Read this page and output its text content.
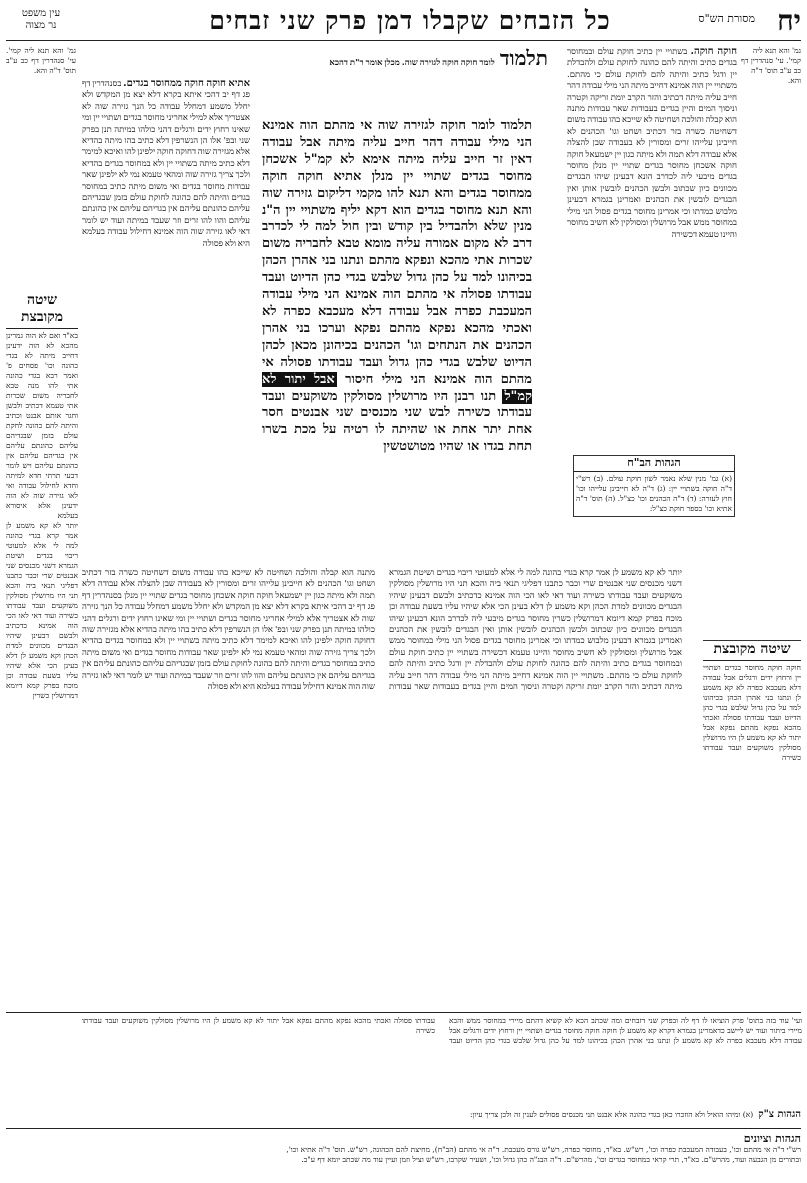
יח
מסורת הש"ס
כל הזבחים שקבלו דמן פרק שני זבחים
עין משפט
נר מצוה
גמ' והא תנא ליה קמי'. עי' סנהדרין דף כב ע"ב תוס' ד"ה והא.
חוקה חוקה. בשתויי יין כתיב חוקת עולם ובמחוסר בגדים כתיב והיתה להם כהונה לחוקת עולם ולהבדלת יין ודגל כתיב והיתה להם לחוקת עולם כי מהתם. משתויי יין הוה אמינא דחייב מיתה הני מילי עבודה דהר חייב עליה מיתה דכתיב והזר הקרב יומת זריקה וקטרה וניסוך המים והיין בגדים בעבודות שאר עבודות מתנה הוא קבלה והולכה ושחיטה לא שייכא בהו עבודה משום דשחיטה כשרה בזר דכתיב ושחט וגו' הכהנים לא חייבינן עלייהו זרים ומסורין לא בעבודה שבן להצלה אלא עבודה דלא תמה ולא מיתה כגון יין ישמעאל חוקה חוקה אשכחן מחוסר בגדים שתויי יין מנלן מחוסר בגדים מיבעי ליה לכדרב הונא דבעינן שיהו הבגדים מכוונים כיון שכתוב ולבשן הכהנים לובשין אותן ואין הבגדים לובשין את הכהנים ואמרינן בגמרא דבעינן מלבוש כמדתו וכי אמרינן מחוסר בגדים פסול הני מילי במחוסר ממש אבל מרושלין ומסולקין לא חשיב מחוסר והיינו טעמא דכשירה
הגהות הב"ח
(א) גמ' מנין שלא נאמר לשון חוקת עולם. (ב) רש"י ד"ה חוקה בשתויי יין: (ג) ד"ה לא חייבינן עלייהו וכו' חוץ לעזרה: (ד) ד"ה הכהנים וכו' כצ"ל. (ה) תוס' ד"ה אתיא וכו' בספר חוקת כצ"ל:
תלמוד לומר חוקה חוקה לגזירה שוה. מכלן אומר ר"ת דהכא
תלמוד לומר חוקה לגזירה שוה אי מהתם הוה אמינא הני מילי עבודה דהר חייב עליה מיתה אבל עבודה דאין זר חייב עליה מיתה אימא לא קמ"ל אשכחן מחוסר בגדים שתויי יין מנלן אתיא חוקה חוקה ממחוסר בגדים והא תנא להו מקמי דליקום גזירה שוה והא תנא מחוסר בגדים הוא דקא יליף משתויי יין ה"נ מנין שלא ולהבדיל בין קודש ובין חול למה לי לכדרב דרב לא מקום אמורה עליה מומא טבא לחבריה משום שכרות אתי מהכא ונפקא מהתם ונתנו בני אהרן הכהן בכיהונו למד על כהן גדול שלבש בגדי כהן הדיוט ועבד עבודתו פסולה אי מהתם הוה אמינא הני מילי עבודה המעכבת כפרה אבל עבודה דלא מעכבא כפרה לא ואכתי מהכא נפקא מהתם נפקא וערכו בני אהרן הכהנים את הנתחים וגו' הכהנים בכיהונן מכאן לכהן הדיוט שלבש בגדי כהן גדול ועבד עבודתו פסולה אי מהתם הוה אמינא הני מילי חיסור אבל יתור לא קמ"ל תנו רבנן היו מרושלין מסולקין משוקעים ועבד עבודתו כשירה לבש שני מכנסים שני אבנטים חסר אחת יתר אחת או שהיתה לו רטיה על מכת בשרו תחת בגדו או שהיו מטושטשין
אתיא חוקה חוקה ממחוסר בגדים. בסנהדרין דף פג דף יב דהכי איתא בקרא דלא יצא מן המקדש ולא יחלל משמע דמחלל עבודה כל הנך גזירה שוה לא אצטריך אלא למילי אחריני מחוסר בגדים ושתויי יין ומי שאינו רחוץ ידים ורגלים דהני כולהו במיתה תנן בפרק שני ובפ' אלו הן הנשרפין דלא כתיב בהו מיתה בהדיא אלא מגזירה שוה דחוקה חוקה ילפינן להו ואיכא למימר דלא כתיב מיתה בשתויי יין ולא במחוסר בגדים בהדיא ולכך צריך גזירה שוה ומהאי טעמא נמי לא ילפינן שאר עבודות מחוסר בגדים ואי משום מיתה כתיב במחוסר בגדים והיתה להם כהונה לחוקת עולם בזמן שבגדיהם עליהם כהונתם עליהם אין בגדיהם עליהם אין כהונתם עליהם והוו להו זרים וזר שעבד במיתה ועוד יש לומר דאי לאו גזירה שוה הוה אמינא דחילול עבודה בעלמא היא ולא פסולה
גמ' והא תנא ליה קמי'. עי' סנהדרין דף כב ע"ב תוס' ד"ה והא.
שיטה מקובצת
בא"ד ואם לא הוה גמרינן מהכא לא הוה ידעינן דחייב מיתה לא בגדי כהונה וכו' פסחים פ' ואמר רבא בגדי כהונה אתי להו מנה טבא לחבריה משום שכרות אתי טעמא דכתיב ולבשן וחגר אותם אבנט וכתיב והיתה להם כהונה לחקת עולם בזמן שבגדיהם עליהם כהונתם עליהם אין בגדיהם עליהם אין כהונתם עליהם ויש לומר דבעי תרתי חדא למיתה וחדא לחילול עבודה ואי לאו גזירה שוה לא הוה ידעינן אלא איסורא בעלמא
יותר לא קא משמע לן אמר קרא בגדי כהונה למה לי אלא למעוטי ריבוי בגדים ושיטת הגמרא דשני מכנסים שני אבנטים שרי וכבר כתבנו דפליגי תנאי ביה והכא תני היו מרושלין מסולקין משוקעים ועבד עבודתו כשירה ועוד דאי לאו הכי הוה אמינא כדכתיב ולבשם דבעינן שיהיו הבגדים מכוונים למדת הכהן וקא משמע לן דלא בעינן הכי אלא שיהיו עליו בשעת עבודה וכן מוכח בפרק קמא דיומא דמרושלין כשרין
שיטה מקובצת
חוקה חוקה מחוסר בגדים ושתויי יין ורחוץ ידים ורגלים אבל עבודה דלא מעכבא כפרה לא קא משמע לן ונתנו בני אהרן הכהן בכיהונו למד על כהן גדול שלבש בגדי כהן הדיוט ועבד עבודתו פסולה ואכתי מהכא נפקא מהתם נפקא אבל יתור לא קא משמע לן היו מרושלין מסולקין משוקעים ועבד עבודתו כשירה
יותר לא קא משמע לן אמר קרא בגדי כהונה למה לי אלא למעוטי ריבוי בגדים ושיטת הגמרא דשני מכנסים שני אבנטים שרי וכבר כתבנו דפליגי תנאי ביה והכא תני היו מרושלין מסולקין משוקעים ועבד עבודתו כשירה ועוד דאי לאו הכי הוה אמינא כדכתיב ולבשם דבעינן שיהיו הבגדים מכוונים למדת הכהן וקא משמע לן דלא בעינן הכי אלא שיהיו עליו בשעת עבודה וכן מוכח בפרק קמא דיומא דמרושלין כשרין מחוסר בגדים מיבעי ליה לכדרב הונא דבעינן שיהו הבגדים מכוונים כיון שכתוב ולבשן הכהנים לובשין אותן ואין הבגדים לובשין את הכהנים ואמרינן בגמרא דבעינן מלבוש כמדתו וכי אמרינן מחוסר בגדים פסול הני מילי במחוסר ממש אבל מרושלין ומסולקין לא חשיב מחוסר והיינו טעמא דכשירה בשתויי יין כתיב חוקת עולם ובמחוסר בגדים כתיב והיתה להם כהונה לחוקת עולם ולהבדלת יין ודגל כתיב והיתה להם לחוקת עולם כי מהתם. משתויי יין הוה אמינא דחייב מיתה הני מילי עבודה דהר חייב עליה מיתה דכתיב והזר הקרב יומת זריקה וקטרה וניסוך המים והיין בגדים בעבודות שאר עבודות מתנה הוא קבלה והולכה ושחיטה לא שייכא בהו עבודה משום דשחיטה כשרה בזר דכתיב ושחט וגו' הכהנים לא חייבינן עלייהו זרים ומסורין לא בעבודה שבן להצלה אלא עבודה דלא תמה ולא מיתה כגון יין ישמעאל חוקה חוקה אשכחן מחוסר בגדים שתויי יין מנלן בסנהדרין דף פג דף יב דהכי איתא בקרא דלא יצא מן המקדש ולא יחלל משמע דמחלל עבודה כל הנך גזירה שוה לא אצטריך אלא למילי אחריני מחוסר בגדים ושתויי יין ומי שאינו רחוץ ידים ורגלים דהני כולהו במיתה תנן בפרק שני ובפ' אלו הן הנשרפין דלא כתיב בהו מיתה בהדיא אלא מגזירה שוה דחוקה חוקה ילפינן להו ואיכא למימר דלא כתיב מיתה בשתויי יין ולא במחוסר בגדים בהדיא ולכך צריך גזירה שוה ומהאי טעמא נמי לא ילפינן שאר עבודות מחוסר בגדים ואי משום מיתה כתיב במחוסר בגדים והיתה להם כהונה לחוקת עולם בזמן שבגדיהם עליהם כהונתם עליהם אין בגדיהם עליהם אין כהונתם עליהם והוו להו זרים וזר שעבד במיתה ועוד יש לומר דאי לאו גזירה שוה הוה אמינא דחילול עבודה בעלמא היא ולא פסולה
ועי' עוד בזה בתוס' פרק הוציאו לו דף לה ובפרק שני דזבחים ומה שכתב הכא לא קשיא דהתם מיירי במחוסר ממש והכא מיירי ביתור ועוד יש ליישב כדאמרינן בגמרא דקרא קא משמע לן חוקה חוקה מחוסר בגדים ושתויי יין ורחוץ ידים ורגלים אבל עבודה דלא מעכבא כפרה לא קא משמע לן ונתנו בני אהרן הכהן בכיהונו למד על כהן גדול שלבש בגדי כהן הדיוט ועבד עבודתו פסולה ואכתי מהכא נפקא מהתם נפקא אבל יתור לא קא משמע לן היו מרושלין מסולקין משוקעים ועבד עבודתו כשירה
הגהות צ"ק (א) ומיהו הואיל ולא הוזכרו כאן בגדי כהונה אלא אבנט תני מכנסים פסולים לענין זה ולכן צריך עיון:
הגהות וציונים
רש"י ד"ה אי מהתם וכו', בעבודה המעכבת כפרה וכו', רש"ש. בא"ד, מחוסר כפרה, רש"ש גורס מעכבת. ד"ה אי מהתם (הב"ח), מחיצת להם הכהונה, רש"ש. תוס' ד"ה אתיא וכו',
ובתורים מן הגבעה ועוד, מהרש"ם. בא"ד, תרי קראי במחוסר בגדים וכו', מהרש"ם. ד"ה הבג"ה כהן גדול וכו', ושעיר שקרבו, רש"ש וציל וזמן ועיין עוד מה שכתב יומא דף ע"ב.
